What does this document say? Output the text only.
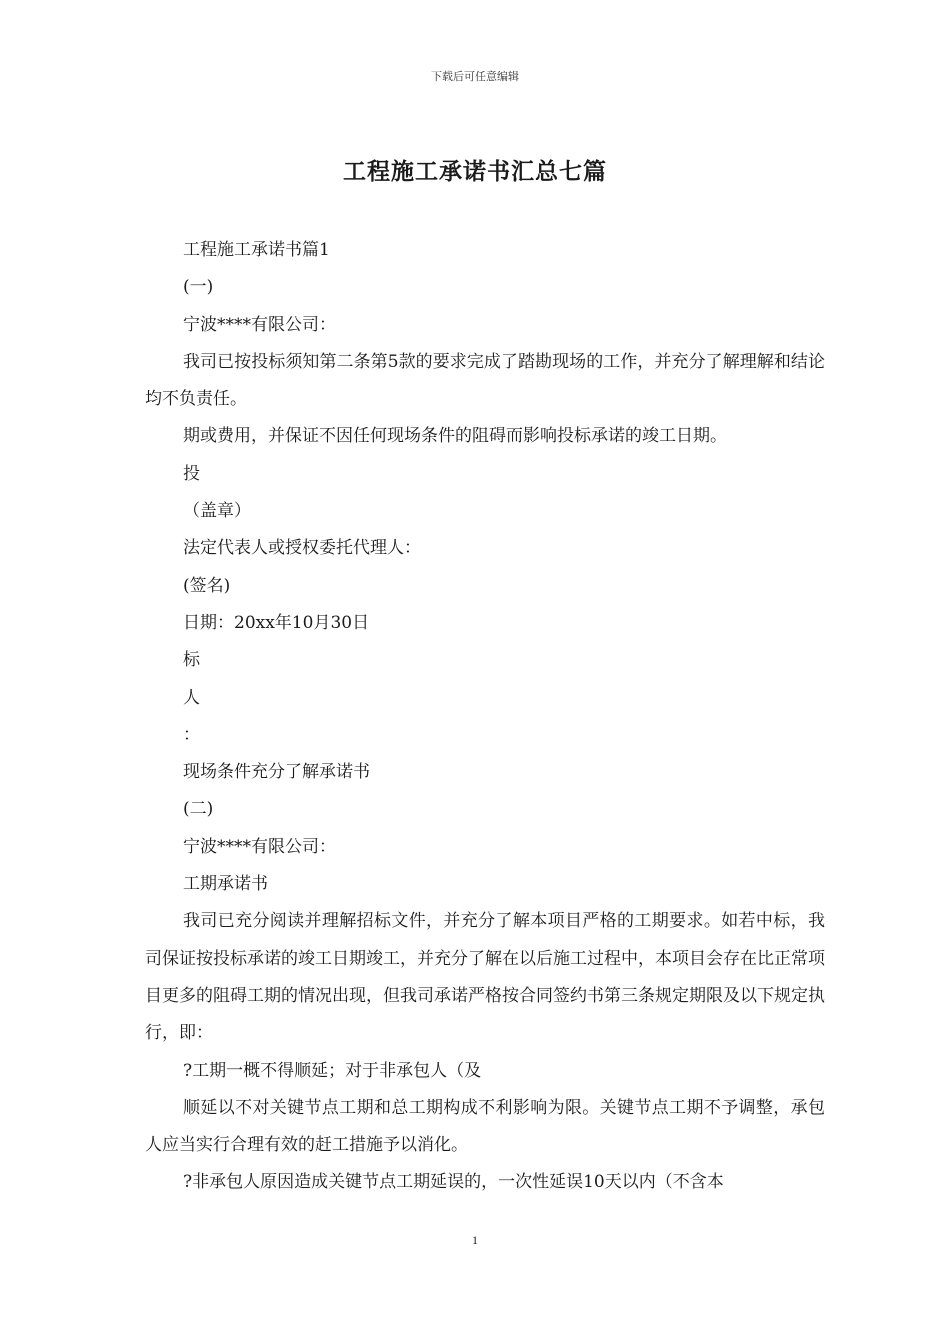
下载后可任意编辑
工程施工承诺书汇总七篇

工程施工承诺书篇1

(一)

宁波****有限公司：

我司已按投标须知第二条第5款的要求完成了踏勘现场的工作，并充分了解理解和结论均不负责任。

期或费用，并保证不因任何现场条件的阻碍而影响投标承诺的竣工日期。

投

（盖章）

法定代表人或授权委托代理人：

(签名)

日期：20xx年10月30日

标

人

：

现场条件充分了解承诺书

(二)

宁波****有限公司：

工期承诺书

我司已充分阅读并理解招标文件，并充分了解本项目严格的工期要求。如若中标，我司保证按投标承诺的竣工日期竣工，并充分了解在以后施工过程中，本项目会存在比正常项目更多的阻碍工期的情况出现，但我司承诺严格按合同签约书第三条规定期限及以下规定执行，即：

?工期一概不得顺延；对于非承包人（及

顺延以不对关键节点工期和总工期构成不利影响为限。关键节点工期不予调整，承包人应当实行合理有效的赶工措施予以消化。

?非承包人原因造成关键节点工期延误的，一次性延误10天以内（不含本

1
